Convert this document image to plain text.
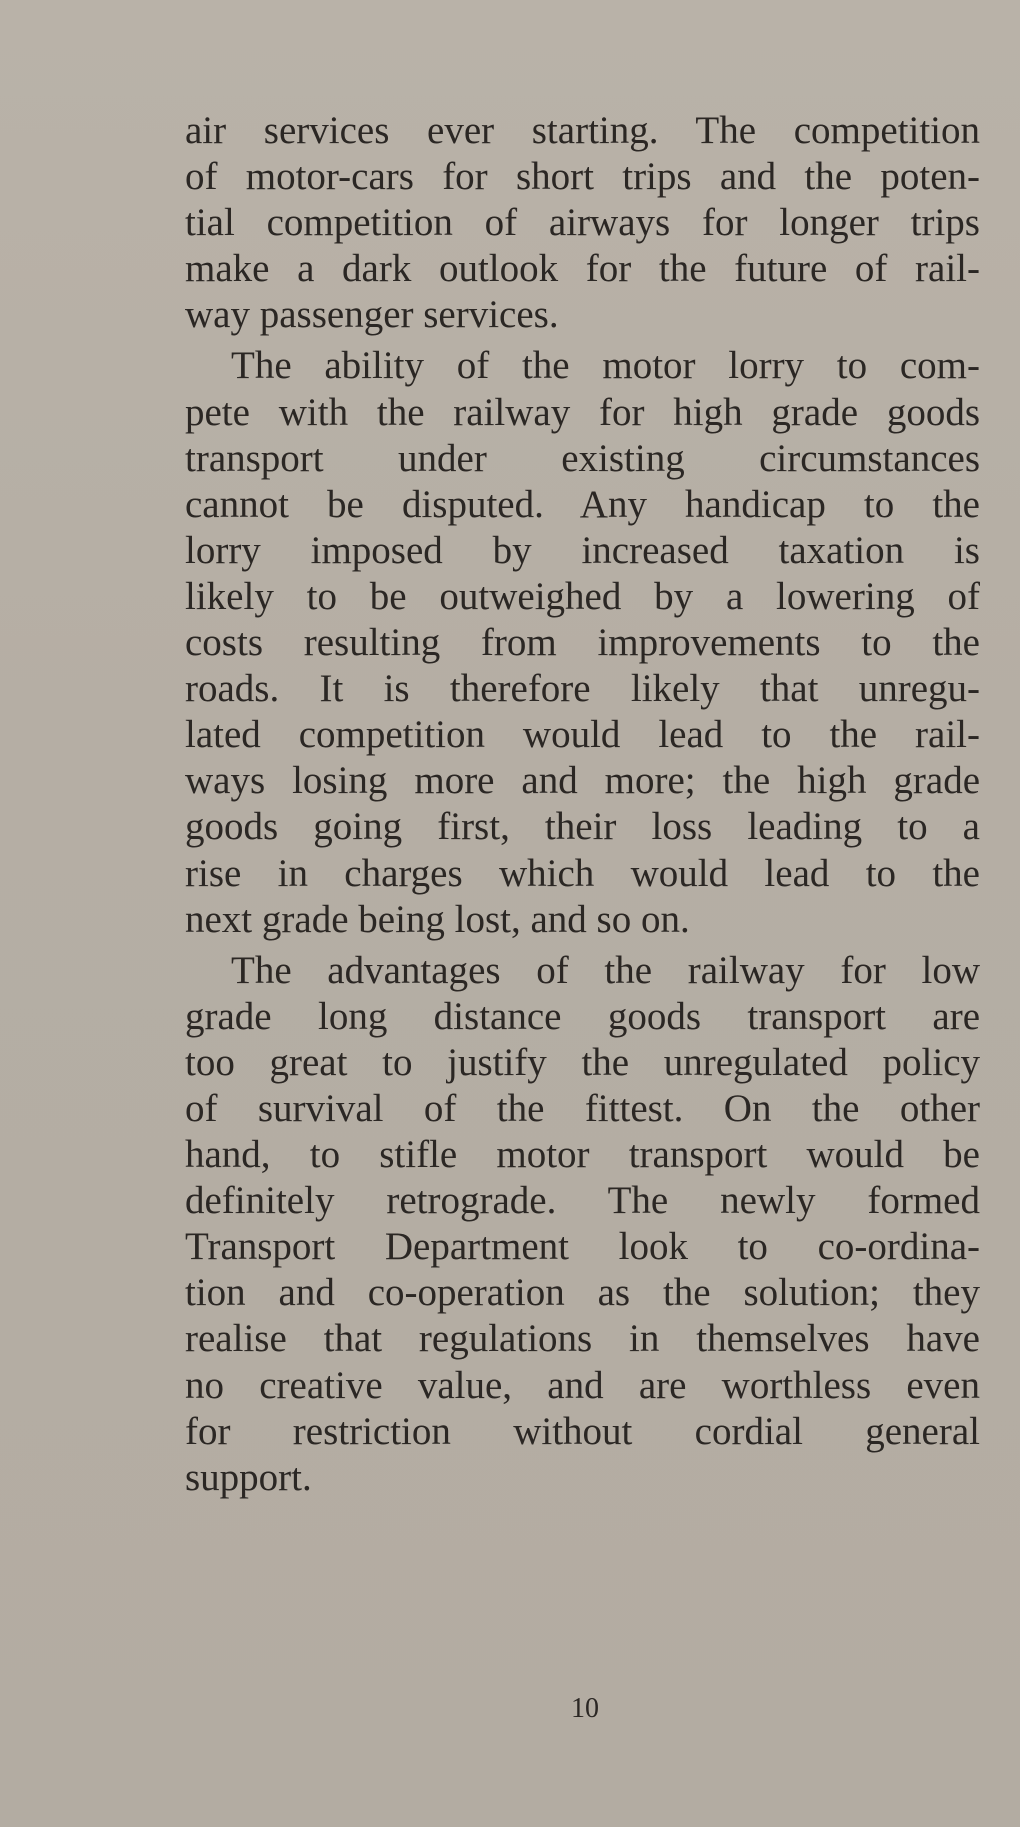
air services ever starting. The competition
of motor-cars for short trips and the poten-
tial competition of airways for longer trips
make a dark outlook for the future of rail-
way passenger services.
The ability of the motor lorry to com-
pete with the railway for high grade goods
transport under existing circumstances
cannot be disputed. Any handicap to the
lorry imposed by increased taxation is
likely to be outweighed by a lowering of
costs resulting from improvements to the
roads. It is therefore likely that unregu-
lated competition would lead to the rail-
ways losing more and more; the high grade
goods going first, their loss leading to a
rise in charges which would lead to the
next grade being lost, and so on.
The advantages of the railway for low
grade long distance goods transport are
too great to justify the unregulated policy
of survival of the fittest. On the other
hand, to stifle motor transport would be
definitely retrograde. The newly formed
Transport Department look to co-ordina-
tion and co-operation as the solution; they
realise that regulations in themselves have
no creative value, and are worthless even
for restriction without cordial general
support.
10
